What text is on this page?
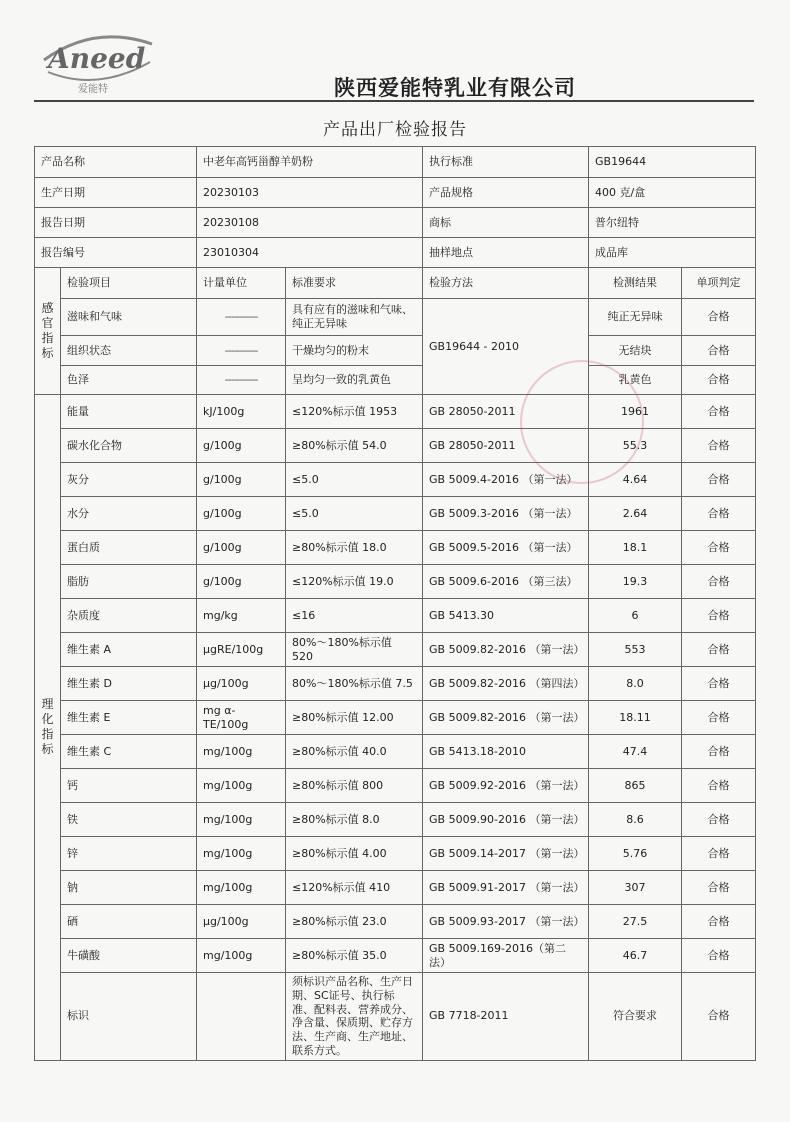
Aneed
爱能特	陕西爱能特乳业有限公司
产品出厂检验报告
产品名称		中老年高钙甾醇羊奶粉		执行标准	GB19644	
生产日期		20230103		产品规格	400 克/盒	
报告日期		20230108		商标	普尔纽特	
报告编号		23010304		抽样地点	成品库	
感
官
指
标	检验项目	计量单位	标准要求	检验方法	检测结果	单项判定
	滋味和气味	-----------	具有应有的滋味和气味、纯正无异味	GB19644 - 2010	纯正无异味	合格
	组织状态	-----------	干燥均匀的粉末		无结块	合格
	色泽	-----------	呈均匀一致的乳黄色		乳黄色	合格
理
化
指
标	能量	kJ/100g	≤120%标示值 1953	GB 28050-2011	1961	合格
	碳水化合物	g/100g	≥80%标示值 54.0	GB 28050-2011	55.3	合格
	灰分	g/100g	≤5.0	GB 5009.4-2016 （第一法）	4.64	合格
	水分	g/100g	≤5.0	GB 5009.3-2016 （第一法）	2.64	合格
	蛋白质	g/100g	≥80%标示值 18.0	GB 5009.5-2016 （第一法）	18.1	合格
	脂肪	g/100g	≤120%标示值 19.0	GB 5009.6-2016 （第三法）	19.3	合格
	杂质度	mg/kg	≤16	GB 5413.30	6	合格
	维生素 A	μgRE/100g	80%～180%标示值 520	GB 5009.82-2016 （第一法）	553	合格
	维生素 D	μg/100g	80%～180%标示值 7.5	GB 5009.82-2016 （第四法）	8.0	合格
	维生素 E	mg α-TE/100g	≥80%标示值 12.00	GB 5009.82-2016 （第一法）	18.11	合格
	维生素 C	mg/100g	≥80%标示值 40.0	GB 5413.18-2010	47.4	合格
	钙	mg/100g	≥80%标示值 800	GB 5009.92-2016 （第一法）	865	合格
	铁	mg/100g	≥80%标示值 8.0	GB 5009.90-2016 （第一法）	8.6	合格
	锌	mg/100g	≥80%标示值 4.00	GB 5009.14-2017 （第一法）	5.76	合格
	钠	mg/100g	≤120%标示值 410	GB 5009.91-2017 （第一法）	307	合格
	硒	μg/100g	≥80%标示值 23.0	GB 5009.93-2017 （第一法）	27.5	合格
	牛磺酸	mg/100g	≥80%标示值 35.0	GB 5009.169-2016（第二法）	46.7	合格
	标识		须标识产品名称、生产日期、SC证号、执行标准、配料表、营养成分、净含量、保质期、贮存方法、生产商、生产地址、联系方式。	GB 7718-2011	符合要求	合格
